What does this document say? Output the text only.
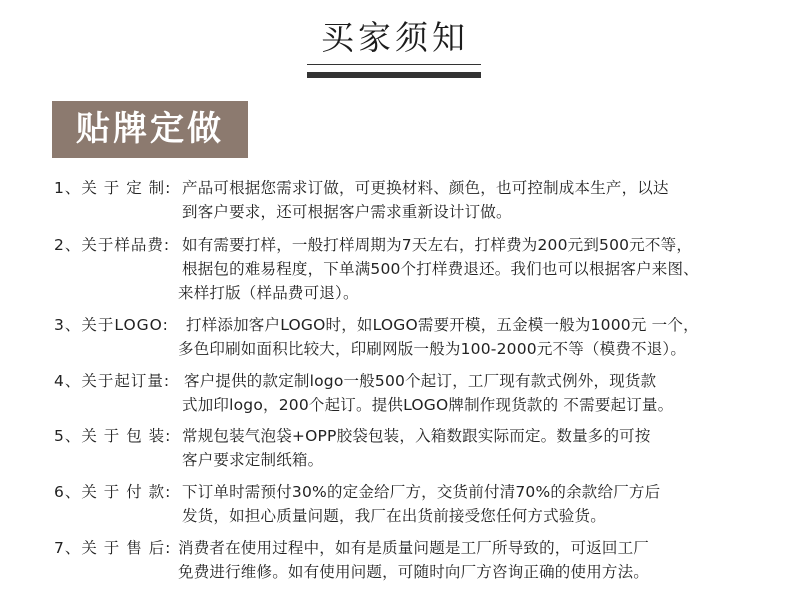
买家须知
贴牌定做
1、关 于 定 制: 产品可根据您需求订做，可更换材料、颜色，也可控制成本生产，以达
到客户要求，还可根据客户需求重新设计订做。
2、关于样品费: 如有需要打样，一般打样周期为7天左右，打样费为200元到500元不等，
根据包的难易程度，下单满500个打样费退还。我们也可以根据客户来图、
来样打版（样品费可退）。
3、关于LOGO: 打样添加客户LOGO时，如LOGO需要开模，五金模一般为1000元 一个，
多色印刷如面积比较大，印刷网版一般为100-2000元不等（模费不退）。
4、关于起订量: 客户提供的款定制logo一般500个起订，工厂现有款式例外，现货款
式加印logo，200个起订。提供LOGO牌制作现货款的 不需要起订量。
5、关 于 包 装: 常规包装气泡袋+OPP胶袋包装，入箱数跟实际而定。数量多的可按
客户要求定制纸箱。
6、关 于 付 款: 下订单时需预付30%的定金给厂方，交货前付清70%的余款给厂方后
发货，如担心质量问题，我厂在出货前接受您任何方式验货。
7、关 于 售 后: 消费者在使用过程中，如有是质量问题是工厂所导致的，可返回工厂
免费进行维修。如有使用问题，可随时向厂方咨询正确的使用方法。
